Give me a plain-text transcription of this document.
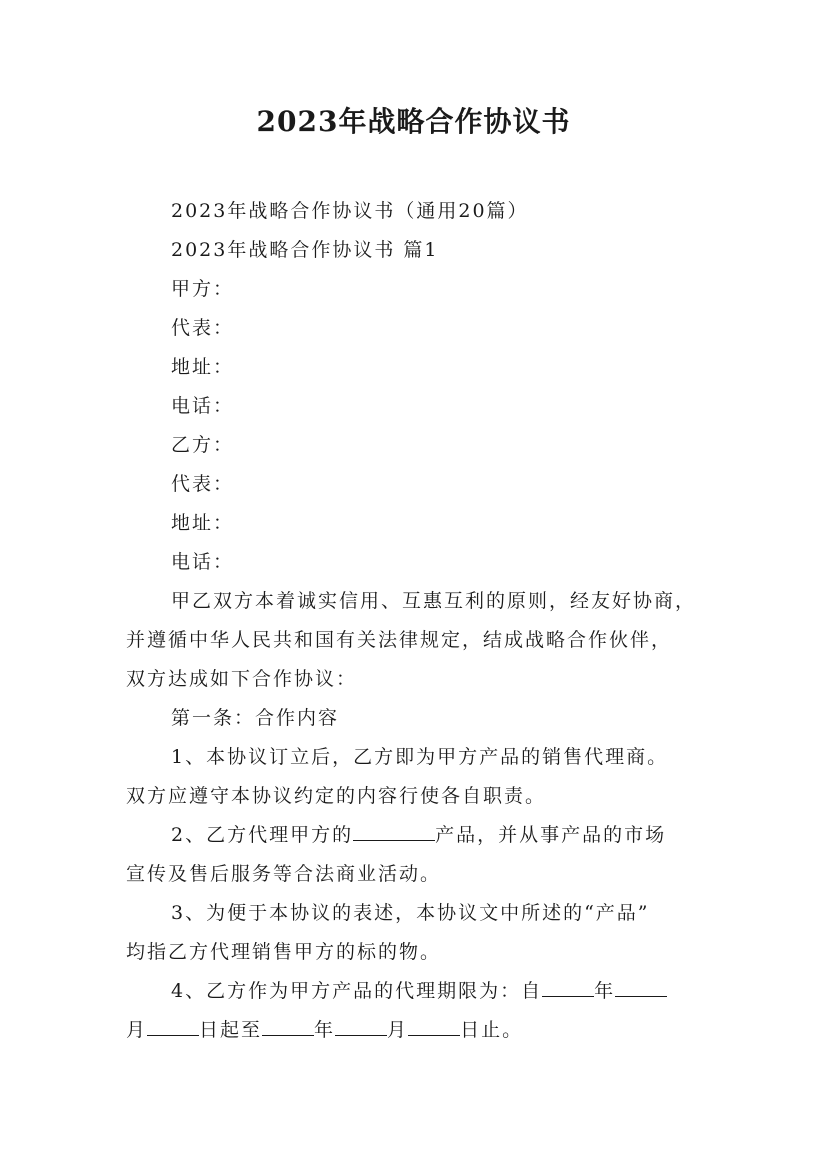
2023年战略合作协议书
2023年战略合作协议书（通用20篇）
2023年战略合作协议书 篇1
甲方：
代表：
地址：
电话：
乙方：
代表：
地址：
电话：
甲乙双方本着诚实信用、互惠互利的原则，经友好协商，
并遵循中华人民共和国有关法律规定，结成战略合作伙伴，
双方达成如下合作协议：
第一条：合作内容
1、本协议订立后，乙方即为甲方产品的销售代理商。
双方应遵守本协议约定的内容行使各自职责。
2、乙方代理甲方的	产品，并从事产品的市场
宣传及售后服务等合法商业活动。
3、为便于本协议的表述，本协议文中所述的“产品”
均指乙方代理销售甲方的标的物。
4、乙方作为甲方产品的代理期限为：自	年
月	日起至	年	月	日止。
